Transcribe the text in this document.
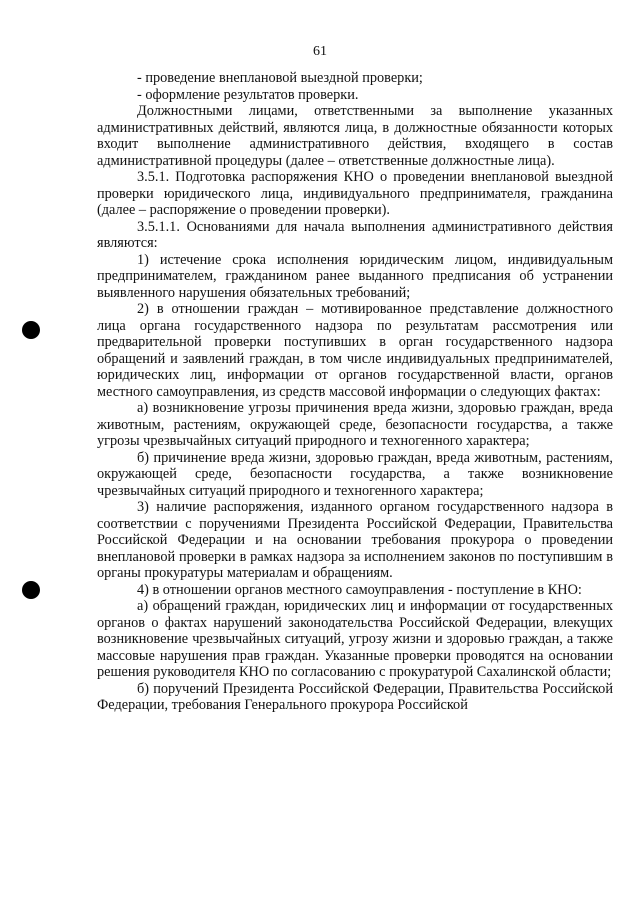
61

- проведение внеплановой выездной проверки;

- оформление результатов проверки.

Должностными лицами, ответственными за выполнение указанных административных действий, являются лица, в должностные обязанности которых входит выполнение административного действия, входящего в состав административной процедуры (далее – ответственные должностные лица).

3.5.1. Подготовка распоряжения КНО о проведении внеплановой выездной проверки юридического лица, индивидуального предпринимателя, гражданина (далее – распоряжение о проведении проверки).

3.5.1.1. Основаниями для начала выполнения административного действия являются:

1) истечение срока исполнения юридическим лицом, индивидуальным предпринимателем, гражданином ранее выданного предписания об устранении выявленного нарушения обязательных требований;

2) в отношении граждан – мотивированное представление должностного лица органа государственного надзора по результатам рассмотрения или предварительной проверки поступивших в орган государственного надзора обращений и заявлений граждан, в том числе индивидуальных предпринимателей, юридических лиц, информации от органов государственной власти, органов местного самоуправления, из средств массовой информации о следующих фактах:

а) возникновение угрозы причинения вреда жизни, здоровью граждан, вреда животным, растениям, окружающей среде, безопасности государства, а также угрозы чрезвычайных ситуаций природного и техногенного характера;

б) причинение вреда жизни, здоровью граждан, вреда животным, растениям, окружающей среде, безопасности государства, а также возникновение чрезвычайных ситуаций природного и техногенного характера;

3) наличие распоряжения, изданного органом государственного надзора в соответствии с поручениями Президента Российской Федерации, Правительства Российской Федерации и на основании требования прокурора о проведении внеплановой проверки в рамках надзора за исполнением законов по поступившим в органы прокуратуры материалам и обращениям.

4) в отношении органов местного самоуправления - поступление в КНО:

а) обращений граждан, юридических лиц и информации от государственных органов о фактах нарушений законодательства Российской Федерации, влекущих возникновение чрезвычайных ситуаций, угрозу жизни и здоровью граждан, а также массовые нарушения прав граждан. Указанные проверки проводятся на основании решения руководителя КНО по согласованию с прокуратурой Сахалинской области;

б) поручений Президента Российской Федерации, Правительства Российской Федерации, требования Генерального прокурора Российской
